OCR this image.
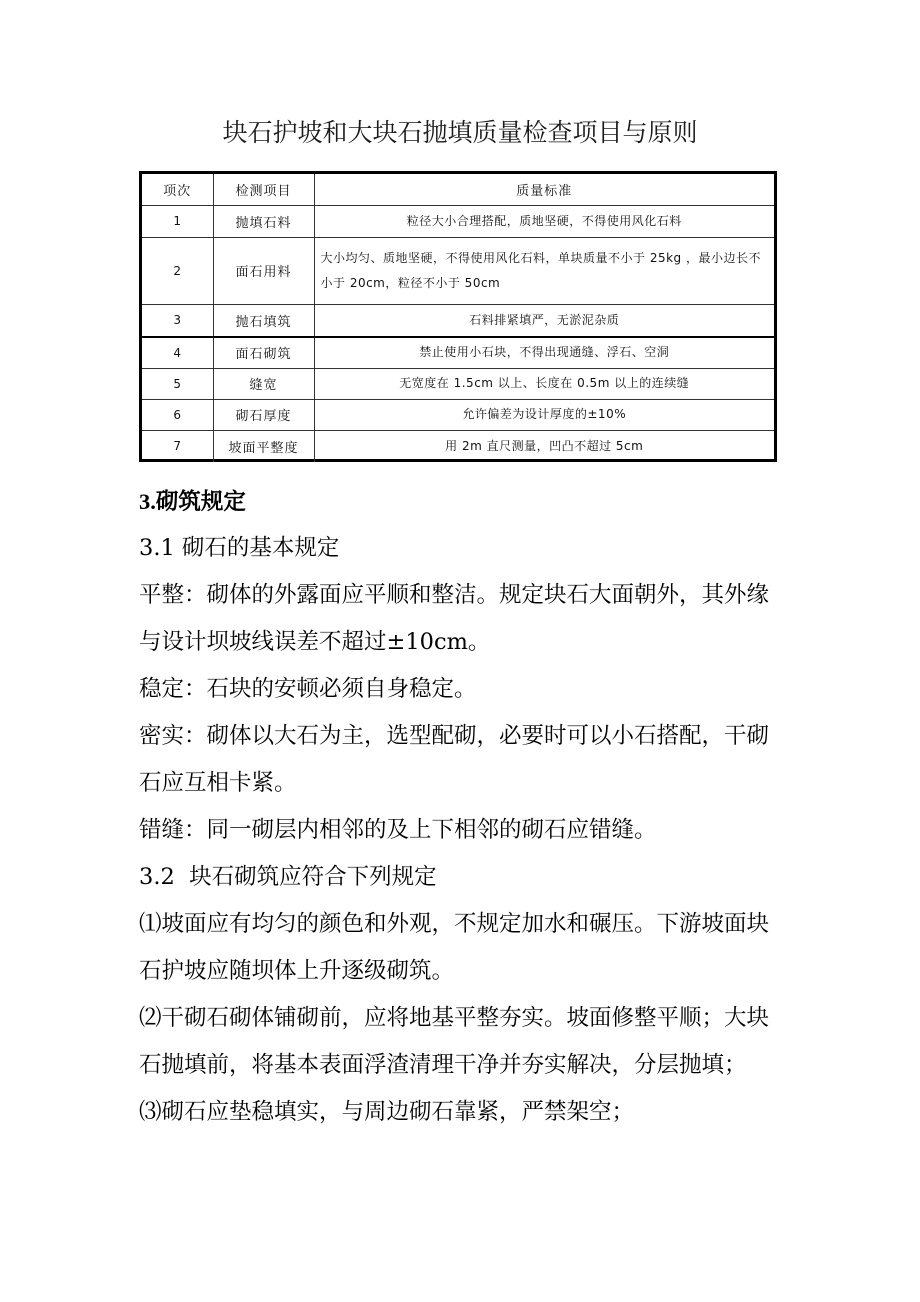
块石护坡和大块石抛填质量检查项目与原则
项次	检测项目	质量标准
1	抛填石料	粒径大小合理搭配，质地坚硬，不得使用风化石料
2	面石用料	大小均匀、质地坚硬，不得使用风化石料，单块质量不小于 25kg ，最小边长不小于 20cm，粒径不小于 50cm
3	抛石填筑	石料排紧填严，无淤泥杂质
4	面石砌筑	禁止使用小石块，不得出现通缝、浮石、空洞
5	缝宽	无宽度在 1.5cm 以上、长度在 0.5m 以上的连续缝
6	砌石厚度	允许偏差为设计厚度的±10%
7	坡面平整度	用 2m 直尺测量，凹凸不超过 5cm

3.砌筑规定

3.1 砌石的基本规定

平整：砌体的外露面应平顺和整洁。规定块石大面朝外，其外缘与设计坝坡线误差不超过±10cm。

稳定：石块的安顿必须自身稳定。

密实：砌体以大石为主，选型配砌，必要时可以小石搭配，干砌石应互相卡紧。

错缝：同一砌层内相邻的及上下相邻的砌石应错缝。

3.2  块石砌筑应符合下列规定

⑴坡面应有均匀的颜色和外观，不规定加水和碾压。下游坡面块石护坡应随坝体上升逐级砌筑。

⑵干砌石砌体铺砌前，应将地基平整夯实。坡面修整平顺；大块石抛填前，将基本表面浮渣清理干净并夯实解决，分层抛填；

⑶砌石应垫稳填实，与周边砌石靠紧，严禁架空；
